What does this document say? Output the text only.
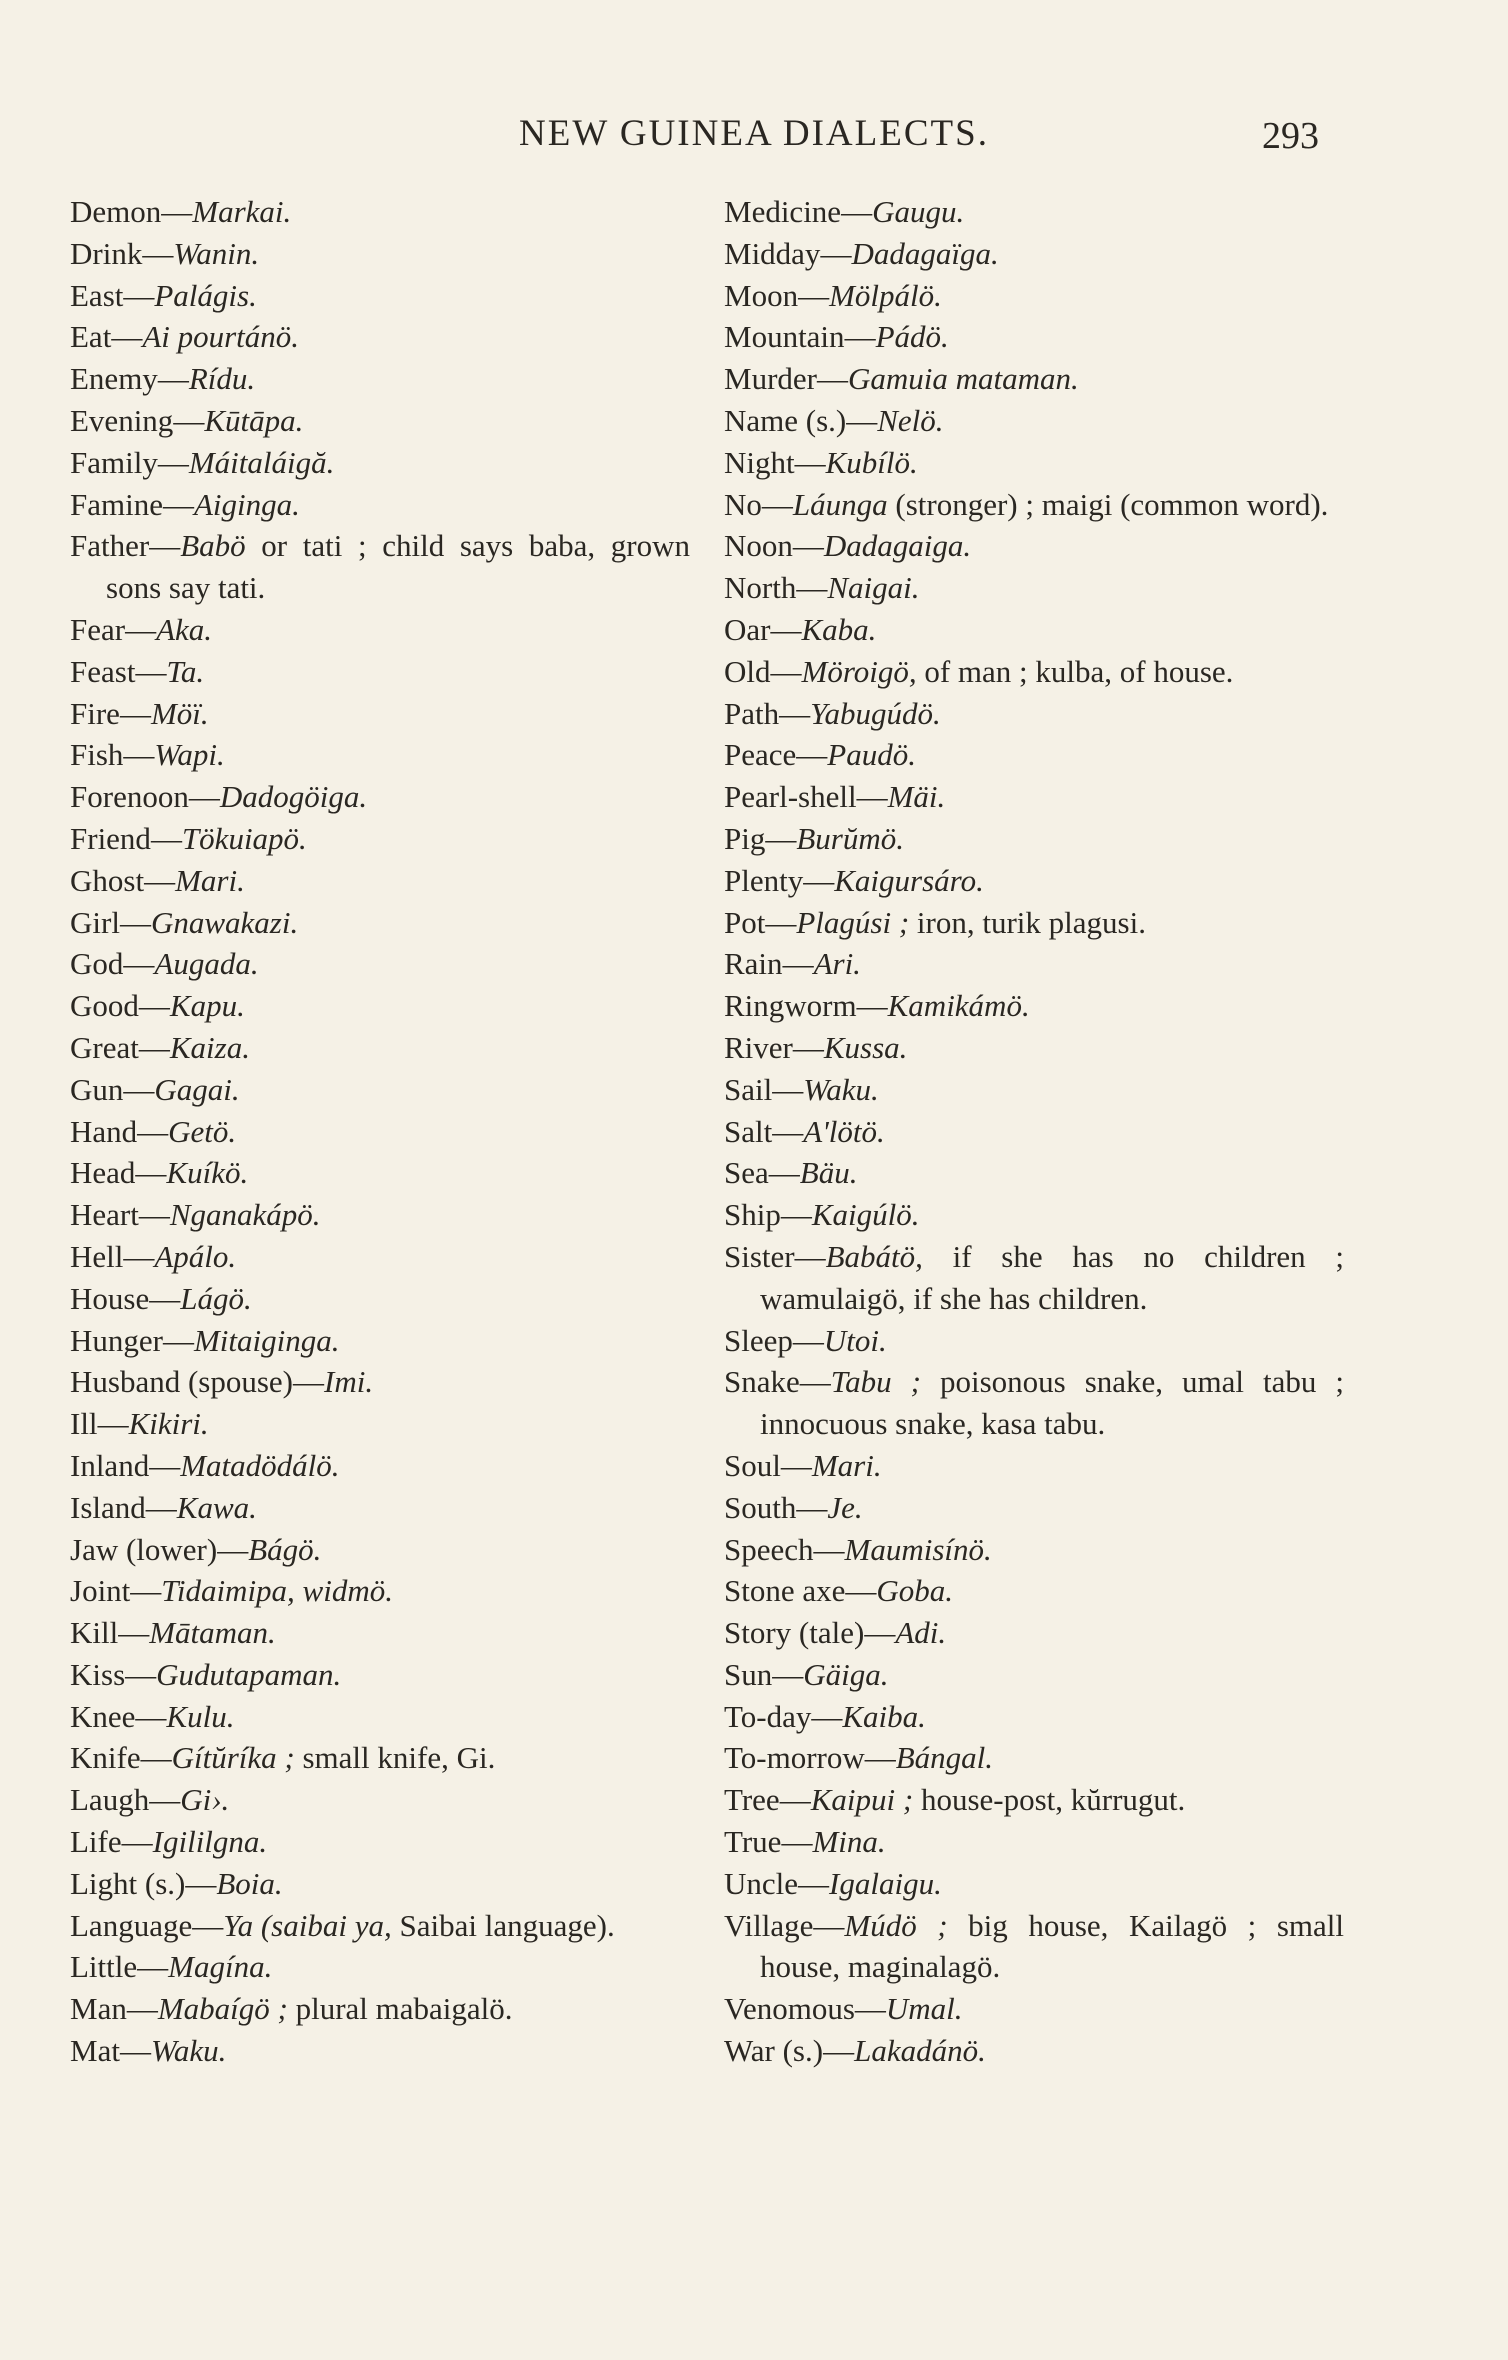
NEW GUINEA DIALECTS.	293
Demon—Markai.
Drink—Wanin.
East—Palágis.
Eat—Ai pourtánö.
Enemy—Rídu.
Evening—Kūtāpa.
Family—Máitaláigă.
Famine—Aiginga.
Father—Babö or tati ; child says baba, grown sons say tati.
Fear—Aka.
Feast—Ta.
Fire—Möï.
Fish—Wapi.
Forenoon—Dadogöiga.
Friend—Tökuiapö.
Ghost—Mari.
Girl—Gnawakazi.
God—Augada.
Good—Kapu.
Great—Kaiza.
Gun—Gagai.
Hand—Getö.
Head—Kuíkö.
Heart—Nganakápö.
Hell—Apálo.
House—Lágö.
Hunger—Mitaiginga.
Husband (spouse)—Imi.
Ill—Kikiri.
Inland—Matadödálö.
Island—Kawa.
Jaw (lower)—Bágö.
Joint—Tidaimipa, widmö.
Kill—Mātaman.
Kiss—Gudutapaman.
Knee—Kulu.
Knife—Gítŭríka ; small knife, Gi.
Laugh—Gi›.
Life—Igililgna.
Light (s.)—Boia.
Language—Ya (saibai ya, Saibai language).
Little—Magína.
Man—Mabaígö ; plural mabaigalö.
Mat—Waku.
Medicine—Gaugu.
Midday—Dadagaïga.
Moon—Mölpálö.
Mountain—Pádö.
Murder—Gamuia mataman.
Name (s.)—Nelö.
Night—Kubílö.
No—Láunga (stronger) ; maigi (common word).
Noon—Dadagaiga.
North—Naigai.
Oar—Kaba.
Old—Möroigö, of man ; kulba, of house.
Path—Yabugúdö.
Peace—Paudö.
Pearl-shell—Mäi.
Pig—Burŭmö.
Plenty—Kaigursáro.
Pot—Plagúsi ; iron, turik plagusi.
Rain—Ari.
Ringworm—Kamikámö.
River—Kussa.
Sail—Waku.
Salt—A'lötö.
Sea—Bäu.
Ship—Kaigúlö.
Sister—Babátö, if she has no children ; wamulaigö, if she has children.
Sleep—Utoi.
Snake—Tabu ; poisonous snake, umal tabu ; innocuous snake, kasa tabu.
Soul—Mari.
South—Je.
Speech—Maumisínö.
Stone axe—Goba.
Story (tale)—Adi.
Sun—Gäiga.
To-day—Kaiba.
To-morrow—Bángal.
Tree—Kaipui ; house-post, kŭrrugut.
True—Mina.
Uncle—Igalaigu.
Village—Múdö ; big house, Kailagö ; small house, maginalagö.
Venomous—Umal.
War (s.)—Lakadánö.
